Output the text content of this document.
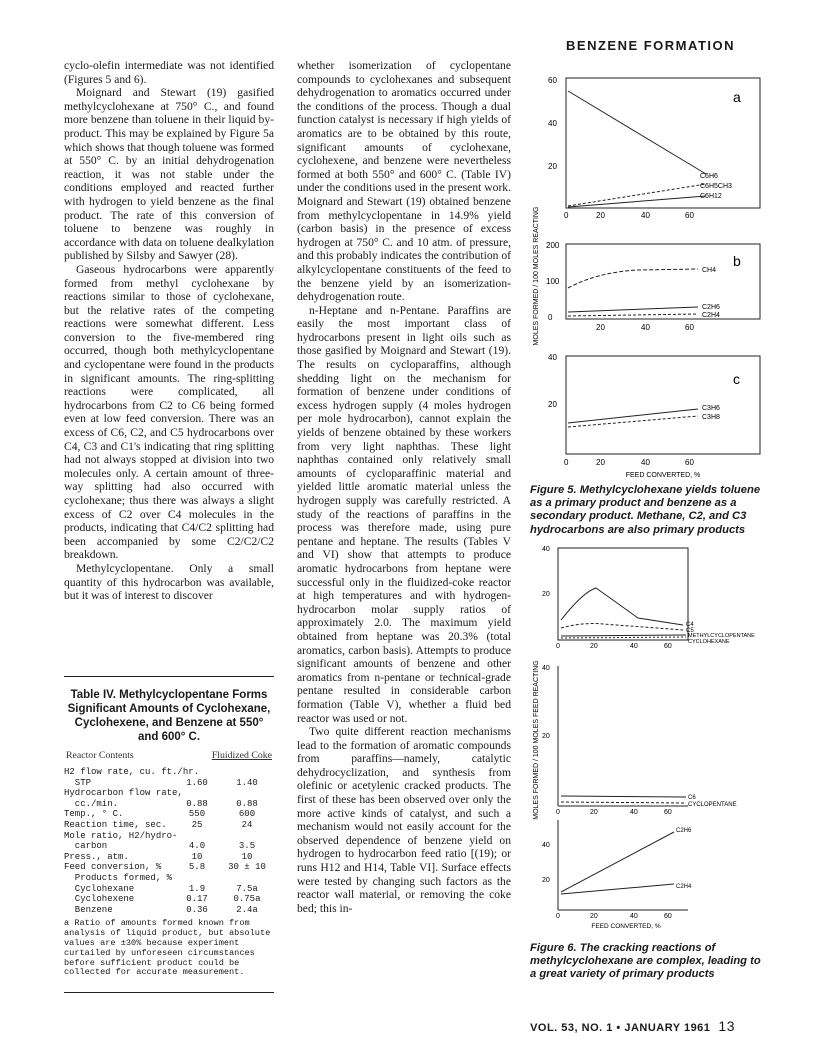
BENZENE FORMATION

cyclo-olefin intermediate was not identified (Figures 5 and 6).

Moignard and Stewart (19) gasified methylcyclohexane at 750° C., and found more benzene than toluene in their liquid by-product. This may be explained by Figure 5a which shows that though toluene was formed at 550° C. by an initial dehydrogenation reaction, it was not stable under the conditions employed and reacted further with hydrogen to yield benzene as the final product. The rate of this conversion of toluene to benzene was roughly in accordance with data on toluene dealkylation published by Silsby and Sawyer (28).

Gaseous hydrocarbons were apparently formed from methyl cyclohexane by reactions similar to those of cyclohexane, but the relative rates of the competing reactions were somewhat different. Less conversion to the five-membered ring occurred, though both methylcyclopentane and cyclopentane were found in the products in significant amounts. The ring-splitting reactions were complicated, all hydrocarbons from C2 to C6 being formed even at low feed conversion. There was an excess of C6, C2, and C5 hydrocarbons over C4, C3 and C1's indicating that ring splitting had not always stopped at division into two molecules only. A certain amount of three-way splitting had also occurred with cyclohexane; thus there was always a slight excess of C2 over C4 molecules in the products, indicating that C4/C2 splitting had been accompanied by some C2/C2/C2 breakdown.

Methylcyclopentane. Only a small quantity of this hydrocarbon was available, but it was of interest to discover

whether isomerization of cyclopentane compounds to cyclohexanes and subsequent dehydrogenation to aromatics occurred under the conditions of the process. Though a dual function catalyst is necessary if high yields of aromatics are to be obtained by this route, significant amounts of cyclohexane, cyclohexene, and benzene were nevertheless formed at both 550° and 600° C. (Table IV) under the conditions used in the present work. Moignard and Stewart (19) obtained benzene from methylcyclopentane in 14.9% yield (carbon basis) in the presence of excess hydrogen at 750° C. and 10 atm. of pressure, and this probably indicates the contribution of alkylcyclopentane constituents of the feed to the benzene yield by an isomerization-dehydrogenation route.

n-Heptane and n-Pentane. Paraffins are easily the most important class of hydrocarbons present in light oils such as those gasified by Moignard and Stewart (19). The results on cycloparaffins, although shedding light on the mechanism for formation of benzene under conditions of excess hydrogen supply (4 moles hydrogen per mole hydrocarbon), cannot explain the yields of benzene obtained by these workers from very light naphthas. These light naphthas contained only relatively small amounts of cycloparaffinic material and yielded little aromatic material unless the hydrogen supply was carefully restricted. A study of the reactions of paraffins in the process was therefore made, using pure pentane and heptane. The results (Tables V and VI) show that attempts to produce aromatic hydrocarbons from heptane were successful only in the fluidized-coke reactor at high temperatures and with hydrogen-hydrocarbon molar supply ratios of approximately 2.0. The maximum yield obtained from heptane was 20.3% (total aromatics, carbon basis). Attempts to produce significant amounts of benzene and other aromatics from n-pentane or technical-grade pentane resulted in considerable carbon formation (Table V), whether a fluid bed reactor was used or not.

Two quite different reaction mechanisms lead to the formation of aromatic compounds from paraffins—namely, catalytic dehydrocyclization, and synthesis from olefinic or acetylenic cracked products. The first of these has been observed over only the more active kinds of catalyst, and such a mechanism would not easily account for the observed dependence of benzene yield on hydrogen to hydrocarbon feed ratio [(19); or runs H12 and H14, Table VI]. Surface effects were tested by changing such factors as the reactor wall material, or removing the coke bed; this in-

Table IV. Methylcyclopentane Forms Significant Amounts of Cyclohexane, Cyclohexene, and Benzene at 550° and 600° C.

Reactor Contents	Fluidized Coke
H2 flow rate, cu. ft./hr.
STP	1.60	1.40
Hydrocarbon flow rate,
cc./min.	0.88	0.88
Temp., ° C.	550	600
Reaction time, sec.	25	24
Mole ratio, H2/hydro-
carbon	4.0	3.5
Press., atm.	10	10
Feed conversion, %	5.8	30 ± 10
Products formed, %
Cyclohexane	1.9	7.5a
Cyclohexene	0.17	0.75a
Benzene	0.36	2.4a
a Ratio of amounts formed known from analysis of liquid product, but absolute values are ±30% because experiment curtailed by unforeseen circumstances before sufficient product could be collected for accurate measurement.
MOLES FORMED / 100 MOLES REACTING
60
40
20
0	20	40	60
a
C6H6
C6H5CH3
C6H12
200
100
0
20	40	60
b
CH4
C2H6
C2H4
40
20
0	20	40	60
c
C3H6
C3H8
FEED CONVERTED, %
Figure 5. Methylcyclohexane yields toluene as a primary product and benzene as a secondary product. Methane, C2, and C3 hydrocarbons are also primary products
MOLES FORMED / 100 MOLES FEED REACTING
40
20
0	20	40	60
C4
C5
METHYLCYCLOPENTANE
CYCLOHEXANE
40
20
0	20	40	60
C6
CYCLOPENTANE
40
20
0	20	40	60
C2H6
C2H4
FEED CONVERTED, %
Figure 6. The cracking reactions of methylcyclohexane are complex, leading to a great variety of primary products
VOL. 53, NO. 1 • JANUARY 1961 13
